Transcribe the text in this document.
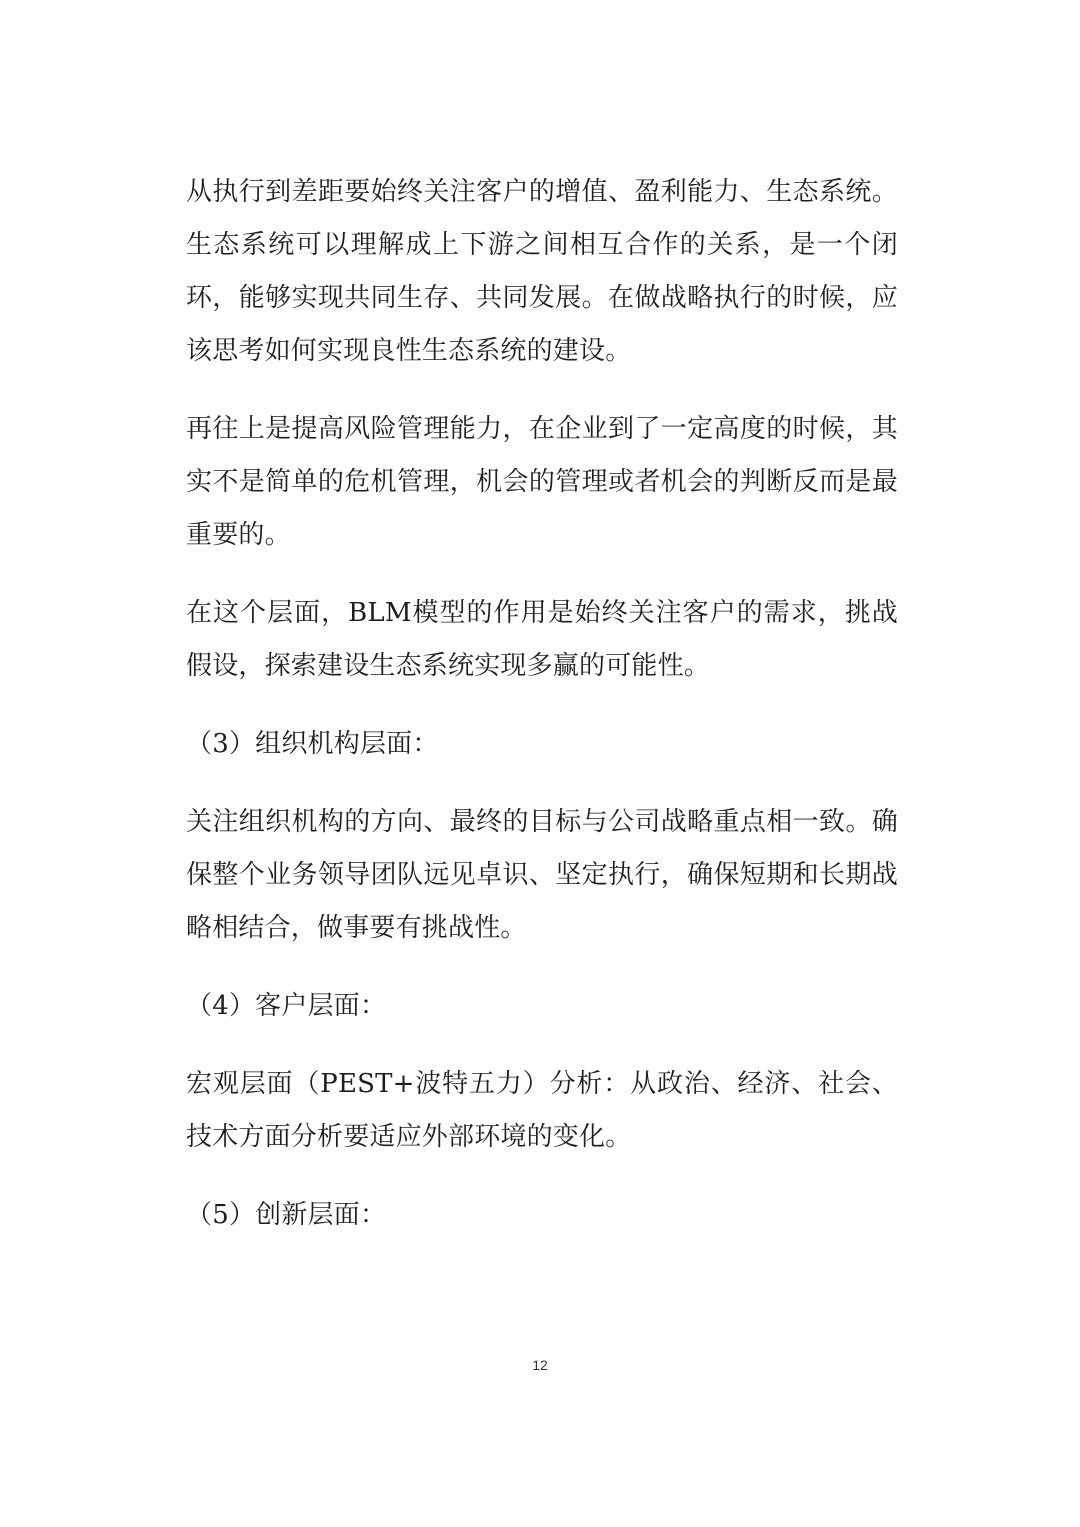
从执行到差距要始终关注客户的增值、盈利能力、生态系统。生态系统可以理解成上下游之间相互合作的关系，是一个闭环，能够实现共同生存、共同发展。在做战略执行的时候，应该思考如何实现良性生态系统的建设。

再往上是提高风险管理能力，在企业到了一定高度的时候，其实不是简单的危机管理，机会的管理或者机会的判断反而是最重要的。

在这个层面，BLM模型的作用是始终关注客户的需求，挑战假设，探索建设生态系统实现多赢的可能性。

（3）组织机构层面：

关注组织机构的方向、最终的目标与公司战略重点相一致。确保整个业务领导团队远见卓识、坚定执行，确保短期和长期战略相结合，做事要有挑战性。

（4）客户层面：

宏观层面（PEST+波特五力）分析：从政治、经济、社会、技术方面分析要适应外部环境的变化。

（5）创新层面：

12
